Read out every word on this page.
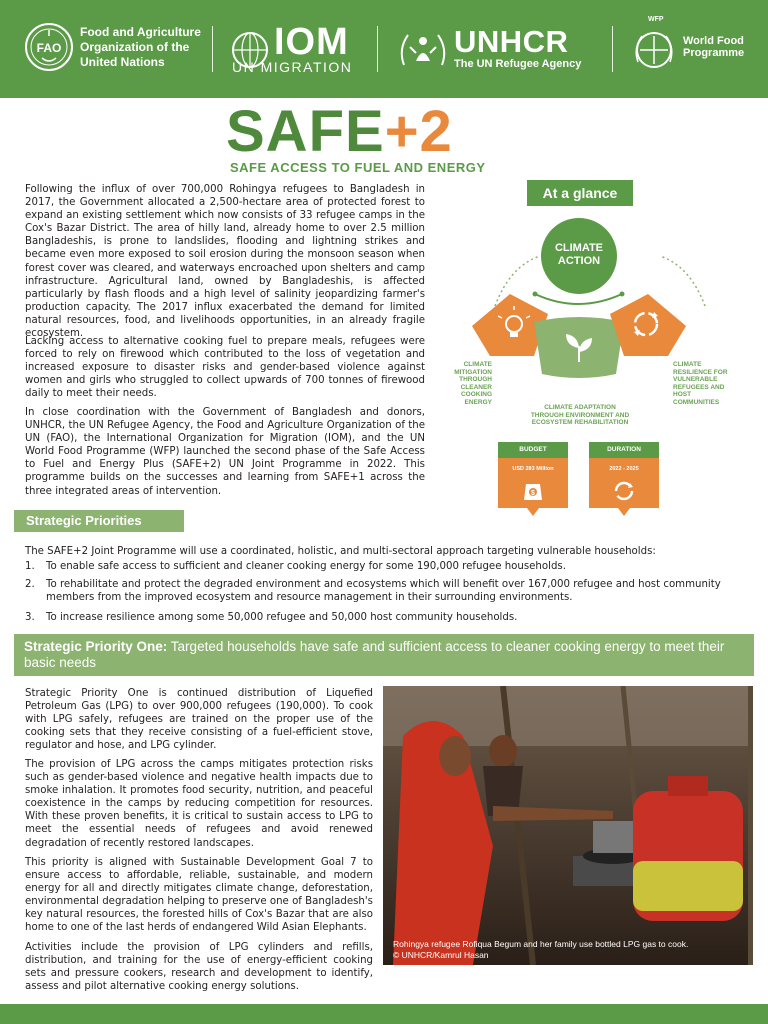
FAO
Food and Agriculture
Organization of the
United Nations	IOM
UN MIGRATION
UNHCR
The UN Refugee Agency
WFP
World Food
Programme
SAFE+2
SAFE ACCESS TO FUEL AND ENERGY

Following the influx of over 700,000 Rohingya refugees to Bangladesh in 2017, the Government allocated a 2,500-hectare area of protected forest to expand an existing settlement which now consists of 33 refugee camps in the Cox's Bazar District. The area of hilly land, already home to over 2.5 million Bangladeshis, is prone to landslides, flooding and lightning strikes and became even more exposed to soil erosion during the monsoon season when forest cover was cleared, and waterways encroached upon shelters and camp infrastructure. Agricultural land, owned by Bangladeshis, is affected particularly by flash floods and a high level of salinity jeopardizing farmer's production capacity. The 2017 influx exacerbated the demand for limited natural resources, food, and livelihoods opportunities, in an already fragile ecosystem.

Lacking access to alternative cooking fuel to prepare meals, refugees were forced to rely on firewood which contributed to the loss of vegetation and increased exposure to disaster risks and gender-based violence against women and girls who struggled to collect upwards of 700 tonnes of firewood daily to meet their needs.

In close coordination with the Government of Bangladesh and donors, UNHCR, the UN Refugee Agency, the Food and Agriculture Organization of the UN (FAO), the International Organization for Migration (IOM), and the UN World Food Programme (WFP) launched the second phase of the Safe Access to Fuel and Energy Plus (SAFE+2) UN Joint Programme in 2022. This programme builds on the successes and learning from SAFE+1 across the three integrated areas of intervention.

At a glance
CLIMATE
ACTION
CLIMATE
MITIGATION
THROUGH
CLEANER
COOKING
ENERGY
CLIMATE
RESILIENCE FOR
VULNERABLE
REFUGEES AND
HOST
COMMUNITIES
CLIMATE ADAPTATION
THROUGH ENVIRONMENT AND
ECOSYSTEM REHABILITATION
$
BUDGET
USD 283 Million
DURATION
2022 - 2025
Strategic Priorities
The SAFE+2 Joint Programme will use a coordinated, holistic, and multi-sectoral approach targeting vulnerable households:
1. To enable safe access to sufficient and cleaner cooking energy for some 190,000 refugee households.
2. To rehabilitate and protect the degraded environment and ecosystems which will benefit over 167,000 refugee and host community
members from the improved ecosystem and resource management in their surrounding environments.
3. To increase resilience among some 50,000 refugee and 50,000 host community households.
Strategic Priority One: Targeted households have safe and sufficient access to cleaner cooking energy to meet their basic needs

Strategic Priority One is continued distribution of Liquefied Petroleum Gas (LPG) to over 900,000 refugees (190,000). To cook with LPG safely, refugees are trained on the proper use of the cooking sets that they receive consisting of a fuel-efficient stove, regulator and hose, and LPG cylinder.

The provision of LPG across the camps mitigates protection risks such as gender-based violence and negative health impacts due to smoke inhalation. It promotes food security, nutrition, and peaceful coexistence in the camps by reducing competition for resources. With these proven benefits, it is critical to sustain access to LPG to meet the essential needs of refugees and avoid renewed degradation of recently restored landscapes.

This priority is aligned with Sustainable Development Goal 7 to ensure access to affordable, reliable, sustainable, and modern energy for all and directly mitigates climate change, deforestation, environmental degradation helping to preserve one of Bangladesh's key natural resources, the forested hills of Cox's Bazar that are also home to one of the last herds of endangered Wild Asian Elephants.

Activities include the provision of LPG cylinders and refills, distribution, and training for the use of energy-efficient cooking sets and pressure cookers, research and development to identify, assess and pilot alternative cooking energy solutions.

Rohingya refugee Rofiqua Begum and her family use bottled LPG gas to cook.
© UNHCR/Kamrul Hasan
